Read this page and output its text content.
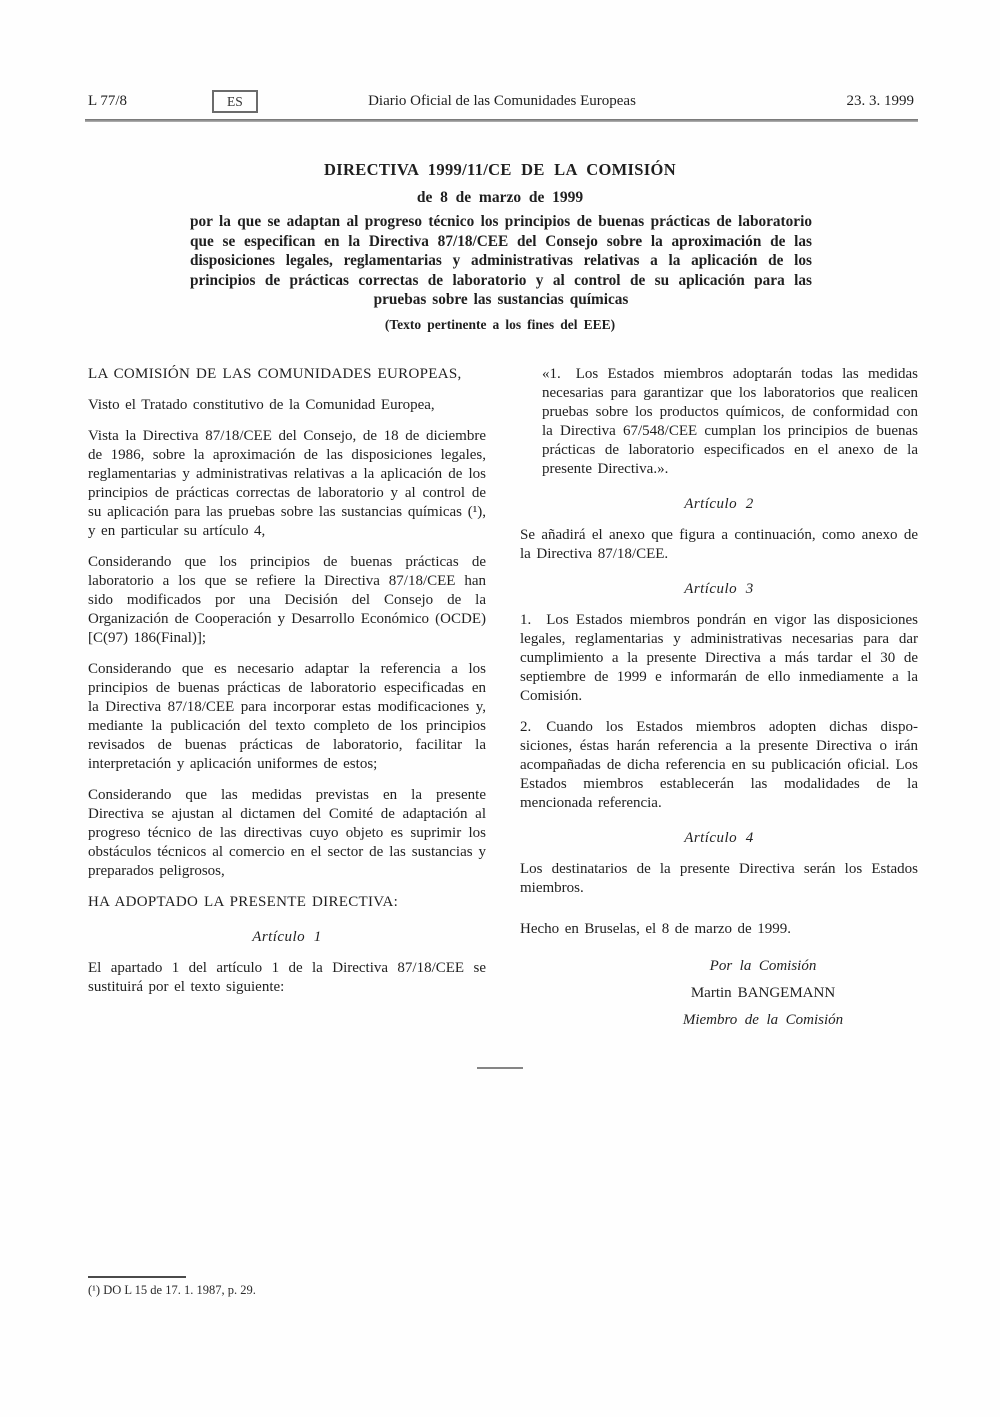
L 77/8	ES	Diario Oficial de las Comunidades Europeas	23. 3. 1999
DIRECTIVA 1999/11/CE DE LA COMISIÓN
de 8 de marzo de 1999
por la que se adaptan al progreso técnico los principios de buenas prácticas de laboratorio que se especifican en la Directiva 87/18/CEE del Consejo sobre la aproximación de las disposiciones legales, reglamentarias y administrativas relativas a la aplicación de los principios de prácticas correctas de laboratorio y al control de su aplicación para las pruebas sobre las sustancias químicas
(Texto pertinente a los fines del EEE)

LA COMISIÓN DE LAS COMUNIDADES EUROPEAS,

Visto el Tratado constitutivo de la Comunidad Europea,

Vista la Directiva 87/18/CEE del Consejo, de 18 de diciembre de 1986, sobre la aproximación de las disposiciones legales, reglamentarias y administrativas relativas a la aplicación de los principios de prácticas correctas de laboratorio y al control de su aplicación para las pruebas sobre las sustancias químicas (¹), y en particular su artículo 4,

Considerando que los principios de buenas prácticas de laboratorio a los que se refiere la Directiva 87/18/CEE han sido modificados por una Decisión del Consejo de la Organización de Cooperación y Desarrollo Económico (OCDE) [C(97) 186(Final)];

Considerando que es necesario adaptar la referencia a los principios de buenas prácticas de laboratorio especificadas en la Directiva 87/18/CEE para incorporar estas modificaciones y, mediante la publicación del texto completo de los principios revisados de buenas prácticas de laboratorio, facilitar la interpretación y aplicación uniformes de estos;

Considerando que las medidas previstas en la presente Directiva se ajustan al dictamen del Comité de adaptación al progreso técnico de las directivas cuyo objeto es suprimir los obstáculos técnicos al comercio en el sector de las sustancias y preparados peligrosos,

HA ADOPTADO LA PRESENTE DIRECTIVA:

Artículo 1

El apartado 1 del artículo 1 de la Directiva 87/18/CEE se sustituirá por el texto siguiente:

«1. Los Estados miembros adoptarán todas las medidas necesarias para garantizar que los laboratorios que realicen pruebas sobre los productos químicos, de conformidad con la Directiva 67/548/CEE cumplan los principios de buenas prácticas de laboratorio especificados en el anexo de la presente Directiva.».

Artículo 2

Se añadirá el anexo que figura a continuación, como anexo de la Directiva 87/18/CEE.

Artículo 3

1. Los Estados miembros pondrán en vigor las disposiciones legales, reglamentarias y administrativas necesarias para dar cumplimiento a la presente Directiva a más tardar el 30 de septiembre de 1999 e informarán de ello inmediamente a la Comisión.

2. Cuando los Estados miembros adopten dichas disposiciones, éstas harán referencia a la presente Directiva o irán acompañadas de dicha referencia en su publicación oficial. Los Estados miembros establecerán las modalidades de la mencionada referencia.

Artículo 4

Los destinatarios de la presente Directiva serán los Estados miembros.

Hecho en Bruselas, el 8 de marzo de 1999.

Por la Comisión
Martin BANGEMANN
Miembro de la Comisión
(¹) DO L 15 de 17. 1. 1987, p. 29.
